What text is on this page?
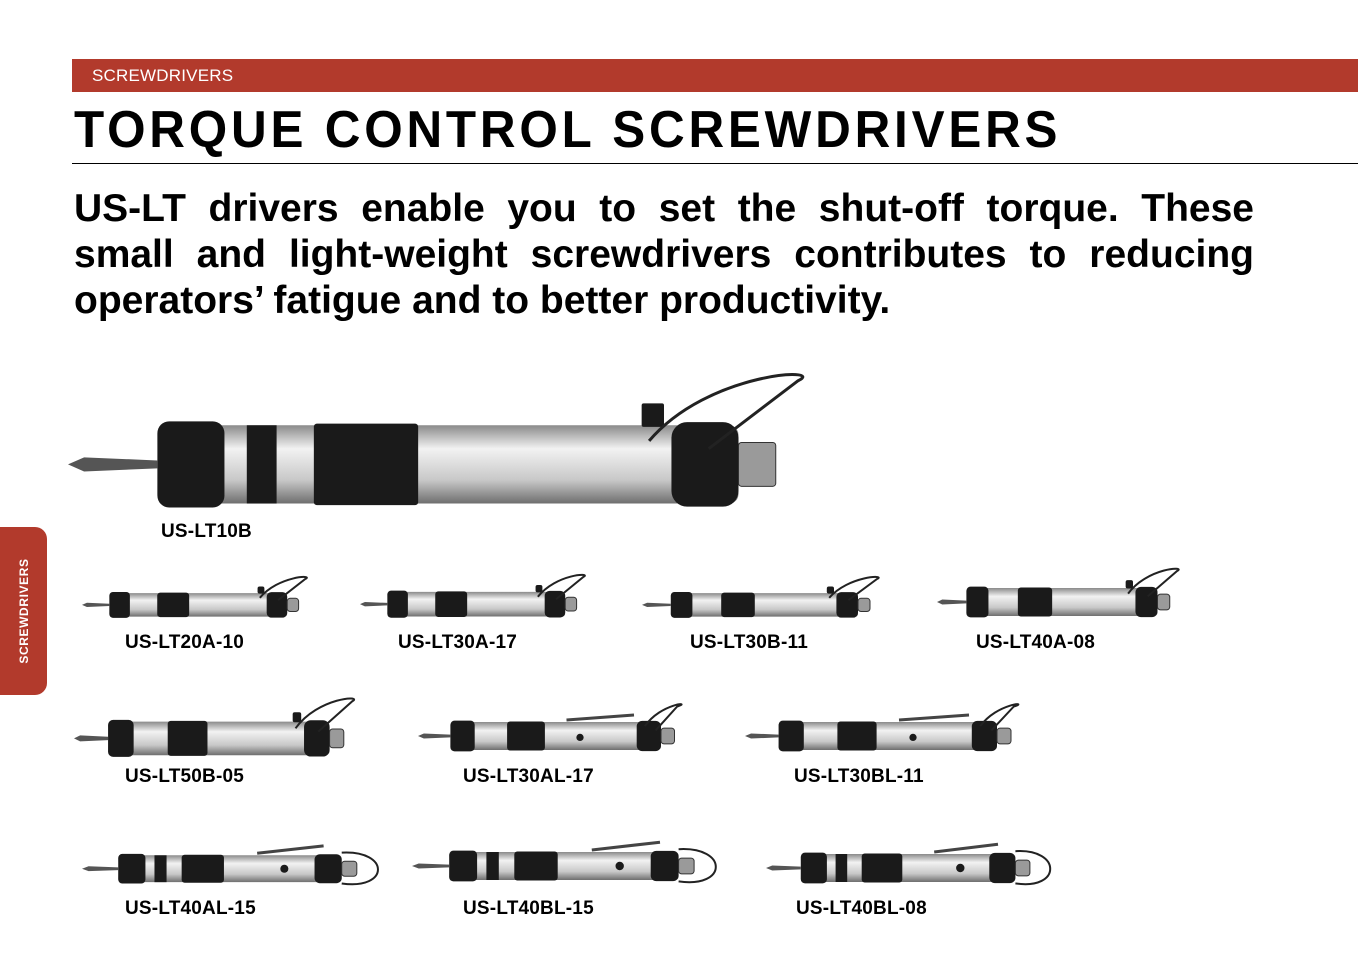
SCREWDRIVERS
TORQUE CONTROL SCREWDRIVERS

US-LT drivers enable you to set the shut-off torque. These small and light-weight screwdrivers contributes to reducing operators’ fatigue and to better productivity.

SCREWDRIVERS
US-LT10B
US-LT20A-10	US-LT30A-17	US-LT30B-11	US-LT40A-08
US-LT50B-05	US-LT30AL-17	US-LT30BL-11
US-LT40AL-15	US-LT40BL-15	US-LT40BL-08
